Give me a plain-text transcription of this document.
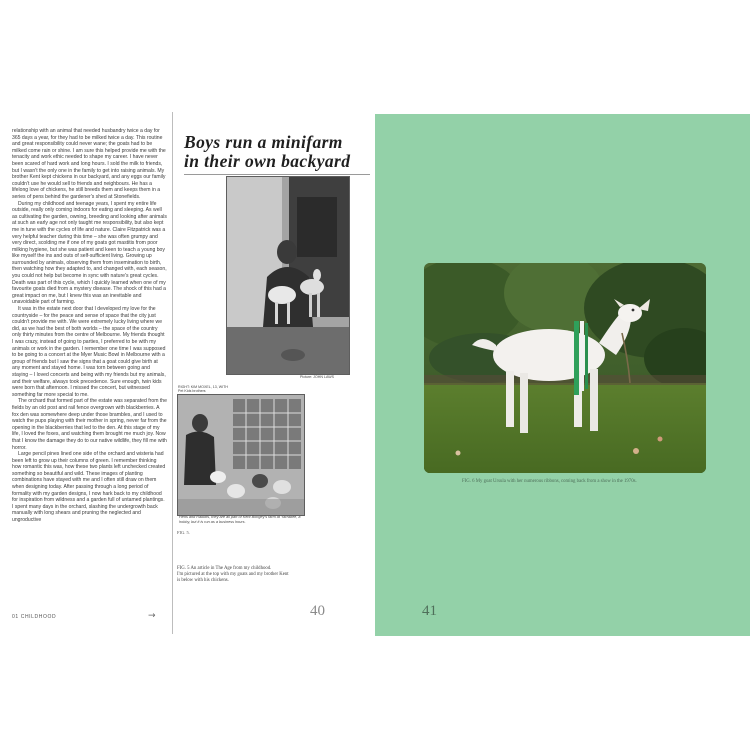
relationship with an animal that needed husbandry twice a day for 365 days a year, for they had to be milked twice a day. This routine and great responsibility could never wane; the goats had to be milked come rain or shine. I am sure this helped provide me with the tenacity and work ethic needed to shape my career. I have never been scared of hard work and long hours. I sold the milk to friends, but I wasn't the only one in the family to get into raising animals. My brother Kent kept chickens in our backyard, and any eggs our family couldn't use he would sell to friends and neighbours. He has a lifelong love of chickens, he still breeds them and keeps them in a series of pens behind the gardener's shed at Stonefields.

During my childhood and teenage years, I spent my entire life outside, really only coming indoors for eating and sleeping. As well as cultivating the garden, owning, breeding and looking after animals at such an early age not only taught me responsibility, but also kept me in tune with the cycles of life and nature. Claire Fitzpatrick was a very helpful teacher during this time – she was often grumpy and very direct, scolding me if one of my goats got mastitis from poor milking hygiene, but she was patient and keen to teach a young boy like myself the ins and outs of self-sufficient living. Growing up surrounded by animals, observing them from insemination to birth, then watching how they adapted to, and changed with, each season, you could not help but become in sync with nature's great cycles. Death was part of this cycle, which I quickly learned when one of my favourite goats died from a mystery disease. The shock of this had a great impact on me, but I knew this was an inevitable and unavoidable part of farming.

It was in the estate next door that I developed my love for the countryside – for the peace and sense of space that the city just couldn't provide me with. We were extremely lucky living where we did, as we had the best of both worlds – the space of the country only thirty minutes from the centre of Melbourne. My friends thought I was crazy, instead of going to parties, I preferred to be with my animals or work in the garden. I remember one time I was supposed to be going to a concert at the Myer Music Bowl in Melbourne with a group of friends but I saw the signs that a goat could give birth at any moment and stayed home. I was torn between going and staying – I loved concerts and being with my friends but my animals, and their welfare, always took precedence. Sure enough, twin kids were born that afternoon. I missed the concert, but witnessed something far more special to me.

The orchard that formed part of the estate was separated from the fields by an old post and rail fence overgrown with blackberries. A fox den was somewhere deep under those brambles, and I used to watch the pups playing with their mother in spring, never far from the opening in the blackberries that led to the den. At this stage of my life, I loved the foxes, and watching them brought me much joy. Now that I know the damage they do to our native wildlife, they fill me with horror.

Large pencil pines lined one side of the orchard and wisteria had been left to grow up their columns of green. I remember thinking how romantic this was, how these two plants left unchecked created something so beautiful and wild. These images of planting combinations have stayed with me and I often still draw on them when designing today. After passing through a long period of formality with my garden designs, I now hark back to my childhood for inspiration from wildness and a garden full of untamed plantings. I spent many days in the orchard, slashing the undergrowth back manually with long shears and pruning the neglected and ungroductive

01 CHILDHOOD	→
Boys run a minifarm
in their own backyard
Picture: JOHN LAWS
RIGHT: KIM MOXEL, 13, WITH Pet Kids brothers
Hens and Rabbits, they are all part of Kent Bongey's farm at Yarrabee, a hobby, but it is run as a business hours.
FIG. 5.
FIG. 5 An article in The Age from my childhood.
I'm pictured at the top with my goats and my brother Kent
is below with his chickens.
40
FIG. 6 My goat Ursula with her numerous ribbons, coming back from a show in the 1970s.
41
